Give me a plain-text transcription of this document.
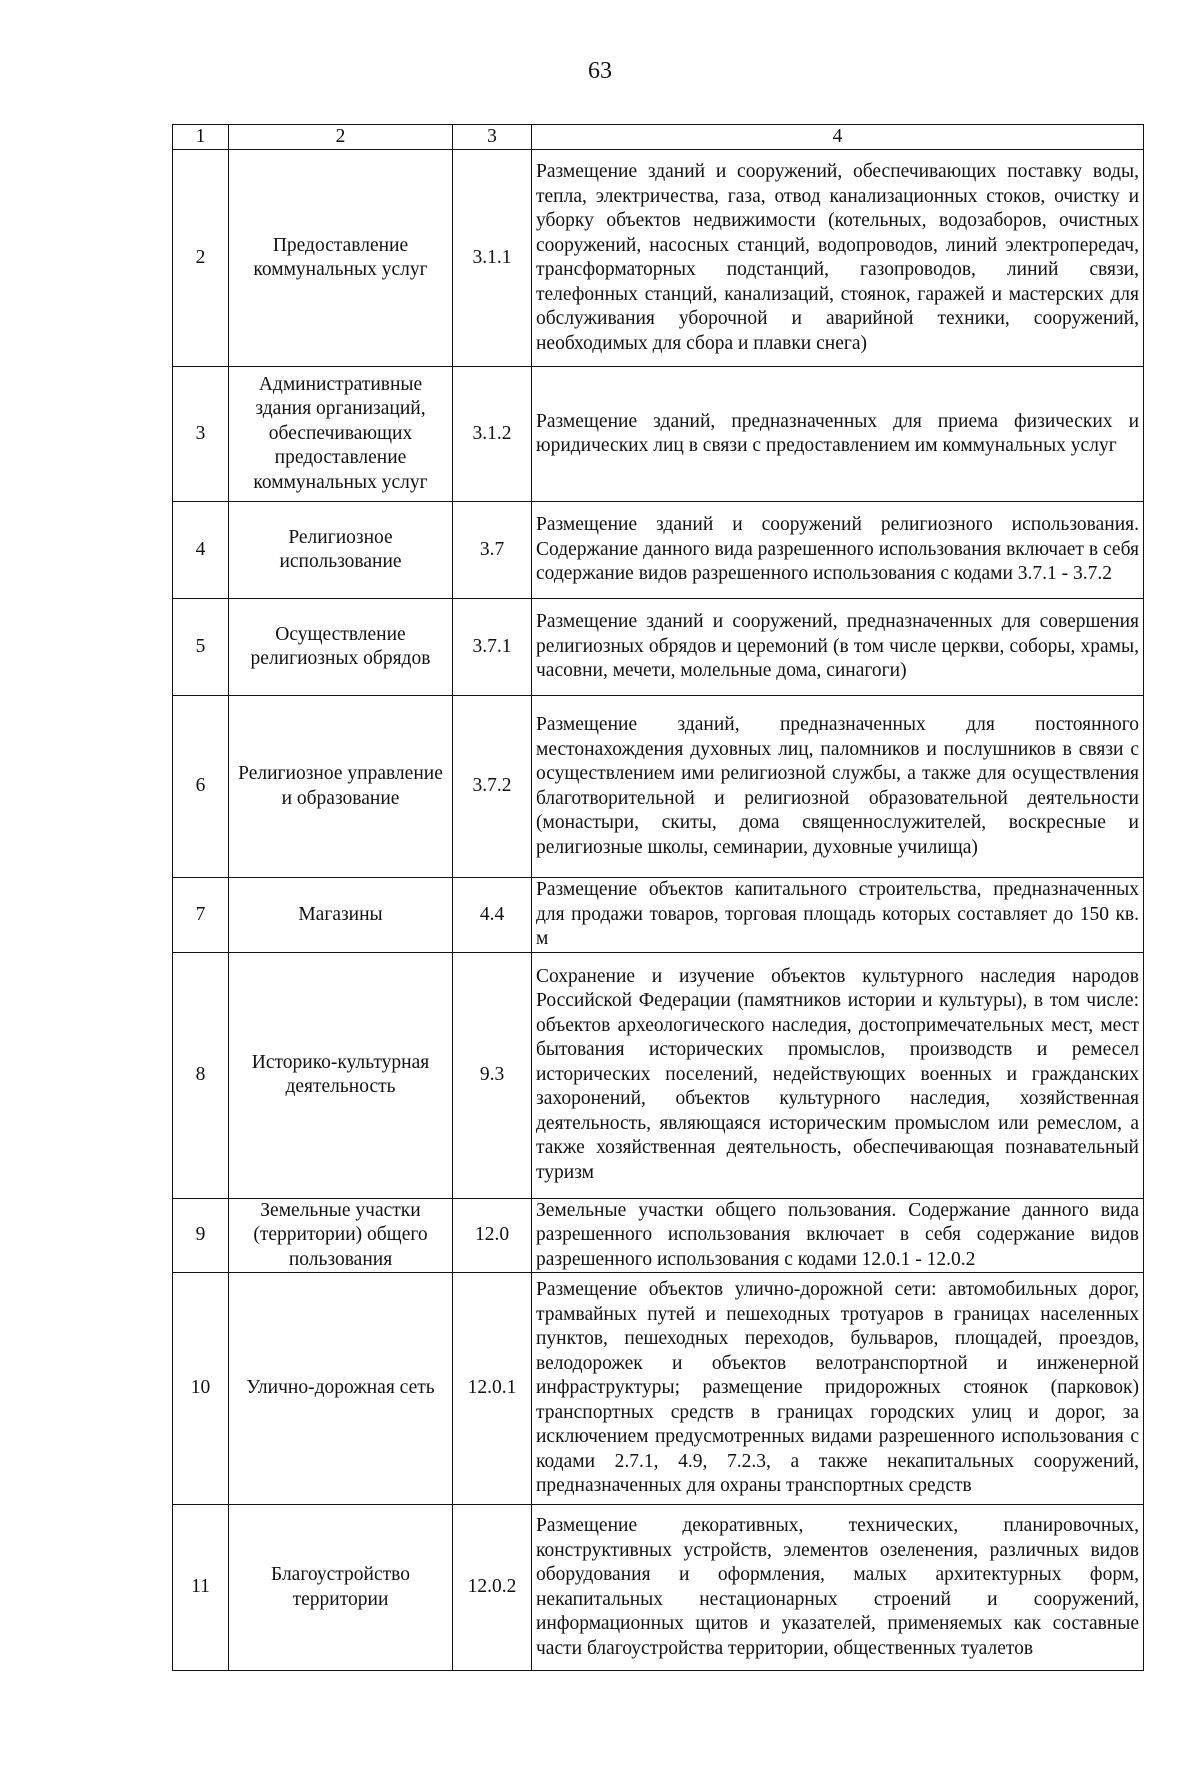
63
1	2	3	4
2	Предоставление коммунальных услуг	3.1.1	Размещение зданий и сооружений, обеспечивающих поставку воды, тепла, электричества, газа, отвод канализационных стоков, очистку и уборку объектов недвижимости (котельных, водозаборов, очистных сооружений, насосных станций, водопроводов, линий электропередач, трансформаторных подстанций, газопроводов, линий связи, телефонных станций, канализаций, стоянок, гаражей и мастерских для обслуживания уборочной и аварийной техники, сооружений, необходимых для сбора и плавки снега)
3	Административные здания организаций, обеспечивающих предоставление коммунальных услуг	3.1.2	Размещение зданий, предназначенных для приема физических и юридических лиц в связи с предоставлением им коммунальных услуг
4	Религиозное использование	3.7	Размещение зданий и сооружений религиозного использования. Содержание данного вида разрешенного использования включает в себя содержание видов разрешенного использования с кодами 3.7.1 - 3.7.2
5	Осуществление религиозных обрядов	3.7.1	Размещение зданий и сооружений, предназначенных для совершения религиозных обрядов и церемоний (в том числе церкви, соборы, храмы, часовни, мечети, молельные дома, синагоги)
6	Религиозное управление и образование	3.7.2	Размещение зданий, предназначенных для постоянного местонахождения духовных лиц, паломников и послушников в связи с осуществлением ими религиозной службы, а также для осуществления благотворительной и религиозной образовательной деятельности (монастыри, скиты, дома священнослужителей, воскресные и религиозные школы, семинарии, духовные училища)
7	Магазины	4.4	Размещение объектов капитального строительства, предназначенных для продажи товаров, торговая площадь которых составляет до 150 кв. м
8	Историко-культурная деятельность	9.3	Сохранение и изучение объектов культурного наследия народов Российской Федерации (памятников истории и культуры), в том числе: объектов археологического наследия, достопримечательных мест, мест бытования исторических промыслов, производств и ремесел исторических поселений, недействующих военных и гражданских захоронений, объектов культурного наследия, хозяйственная деятельность, являющаяся историческим промыслом или ремеслом, а также хозяйственная деятельность, обеспечивающая познавательный туризм
9	Земельные участки (территории) общего пользования	12.0	Земельные участки общего пользования. Содержание данного вида разрешенного использования включает в себя содержание видов разрешенного использования с кодами 12.0.1 - 12.0.2
10	Улично-дорожная сеть	12.0.1	Размещение объектов улично-дорожной сети: автомобильных дорог, трамвайных путей и пешеходных тротуаров в границах населенных пунктов, пешеходных переходов, бульваров, площадей, проездов, велодорожек и объектов велотранспортной и инженерной инфраструктуры; размещение придорожных стоянок (парковок) транспортных средств в границах городских улиц и дорог, за исключением предусмотренных видами разрешенного использования с кодами 2.7.1, 4.9, 7.2.3, а также некапитальных сооружений, предназначенных для охраны транспортных средств
11	Благоустройство территории	12.0.2	Размещение декоративных, технических, планировочных, конструктивных устройств, элементов озеленения, различных видов оборудования и оформления, малых архитектурных форм, некапитальных нестационарных строений и сооружений, информационных щитов и указателей, применяемых как составные части благоустройства территории, общественных туалетов
